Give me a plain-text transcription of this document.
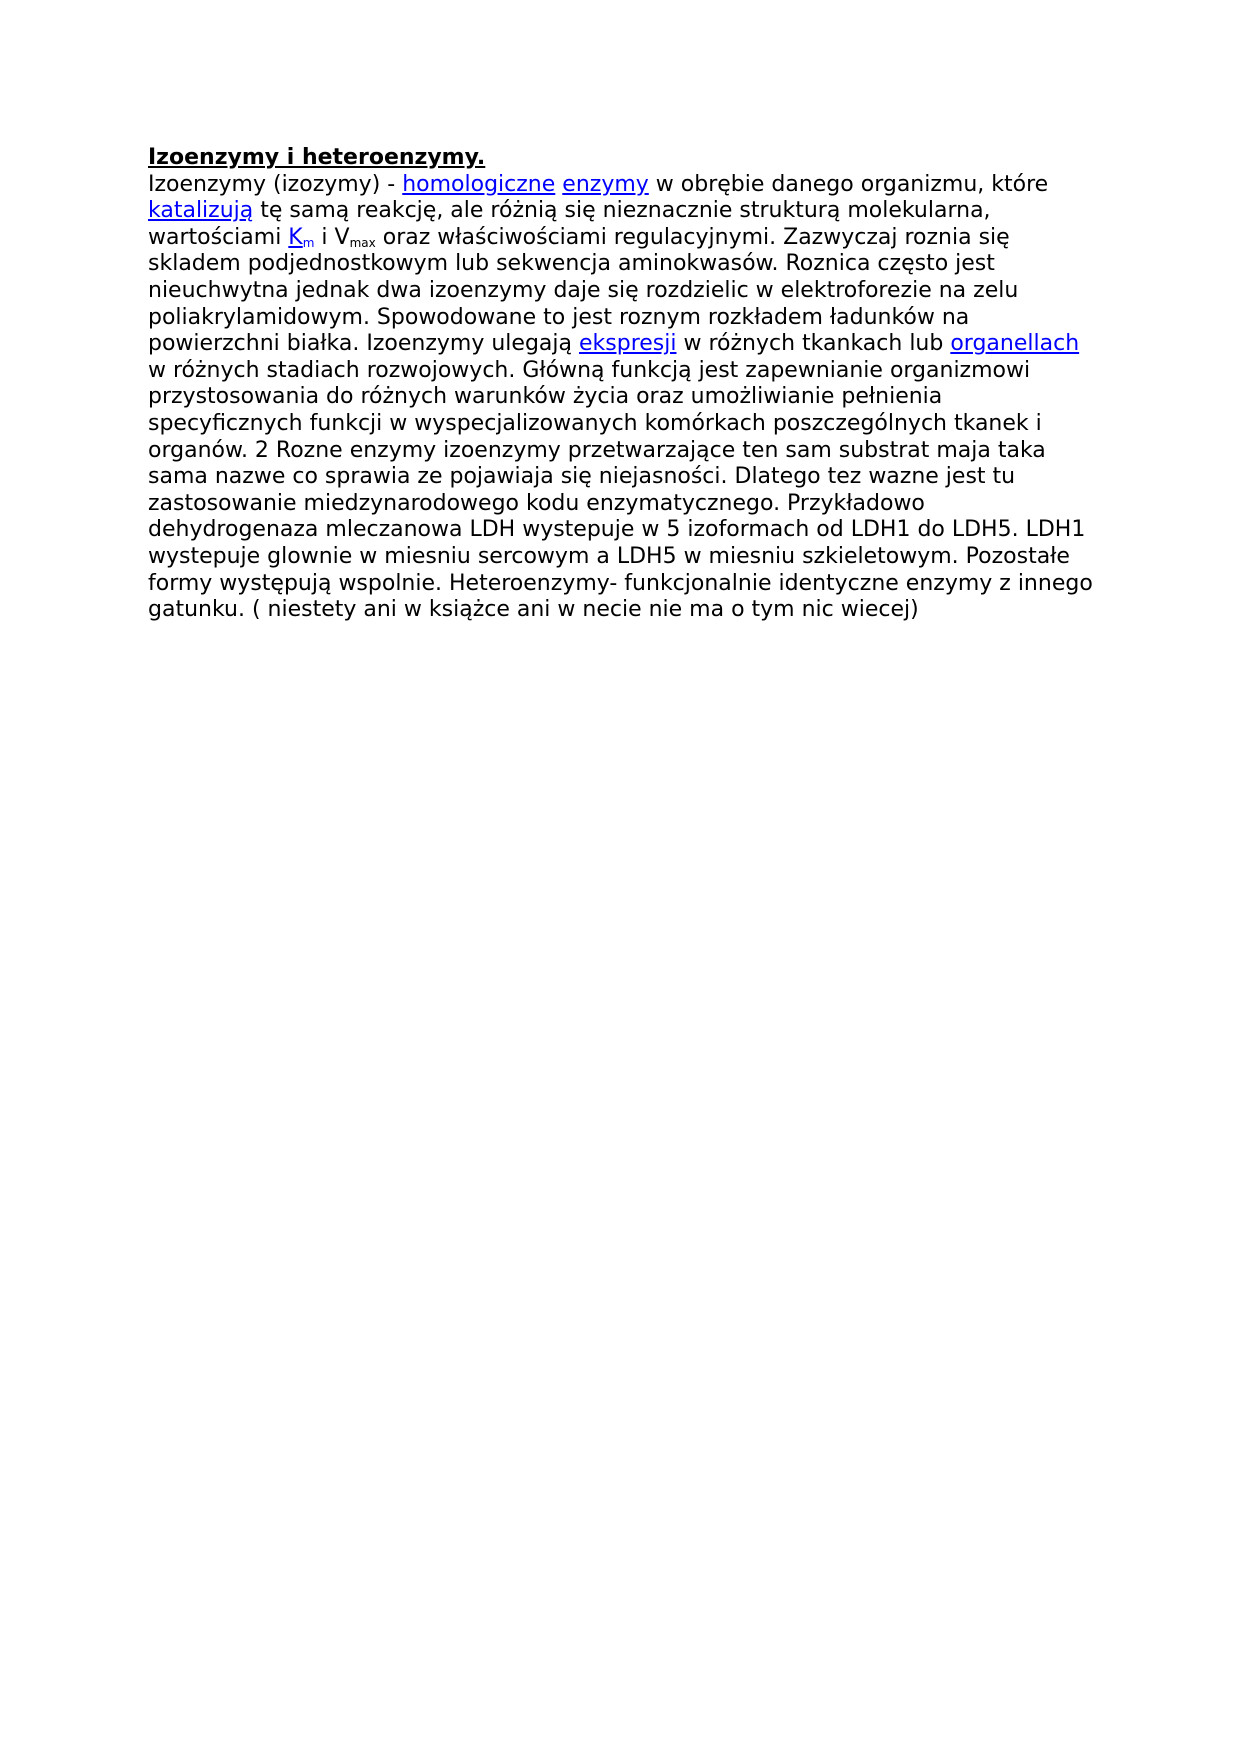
Izoenzymy i heteroenzymy.

Izoenzymy (izozymy) - homologiczne enzymy w obrębie danego organizmu, które katalizują tę samą reakcję, ale różnią się nieznacznie strukturą molekularna, wartościami $K_m$ i $V_{max}$ oraz właściwościami regulacyjnymi. Zazwyczaj roznia się skladem podjednostkowym lub sekwencja aminokwasów. Roznica często jest nieuchwytna jednak dwa izoenzymy daje się rozdzielic w elektroforezie na zelu poliakrylamidowym. Spowodowane to jest roznym rozkładem ładunków na powierzchni białka. Izoenzymy ulegają ekspresji w różnych tkankach lub organellach w różnych stadiach rozwojowych. Główną funkcją jest zapewnianie organizmowi przystosowania do różnych warunków życia oraz umożliwianie pełnienia specyficznych funkcji w wyspecjalizowanych komórkach poszczególnych tkanek i organów. 2 Rozne enzymy izoenzymy przetwarzające ten sam substrat maja taka sama nazwe co sprawia ze pojawiaja się niejasności. Dlatego tez wazne jest tu zastosowanie miedzynarodowego kodu enzymatycznego. Przykładowo dehydrogenaza mleczanowa LDH wystepuje w 5 izoformach od LDH1 do LDH5. LDH1 wystepuje glownie w miesniu sercowym a LDH5 w miesniu szkieletowym. Pozostałe formy występują wspolnie. Heteroenzymy- funkcjonalnie identyczne enzymy z innego gatunku. ( niestety ani w książce ani w necie nie ma o tym nic wiecej)
